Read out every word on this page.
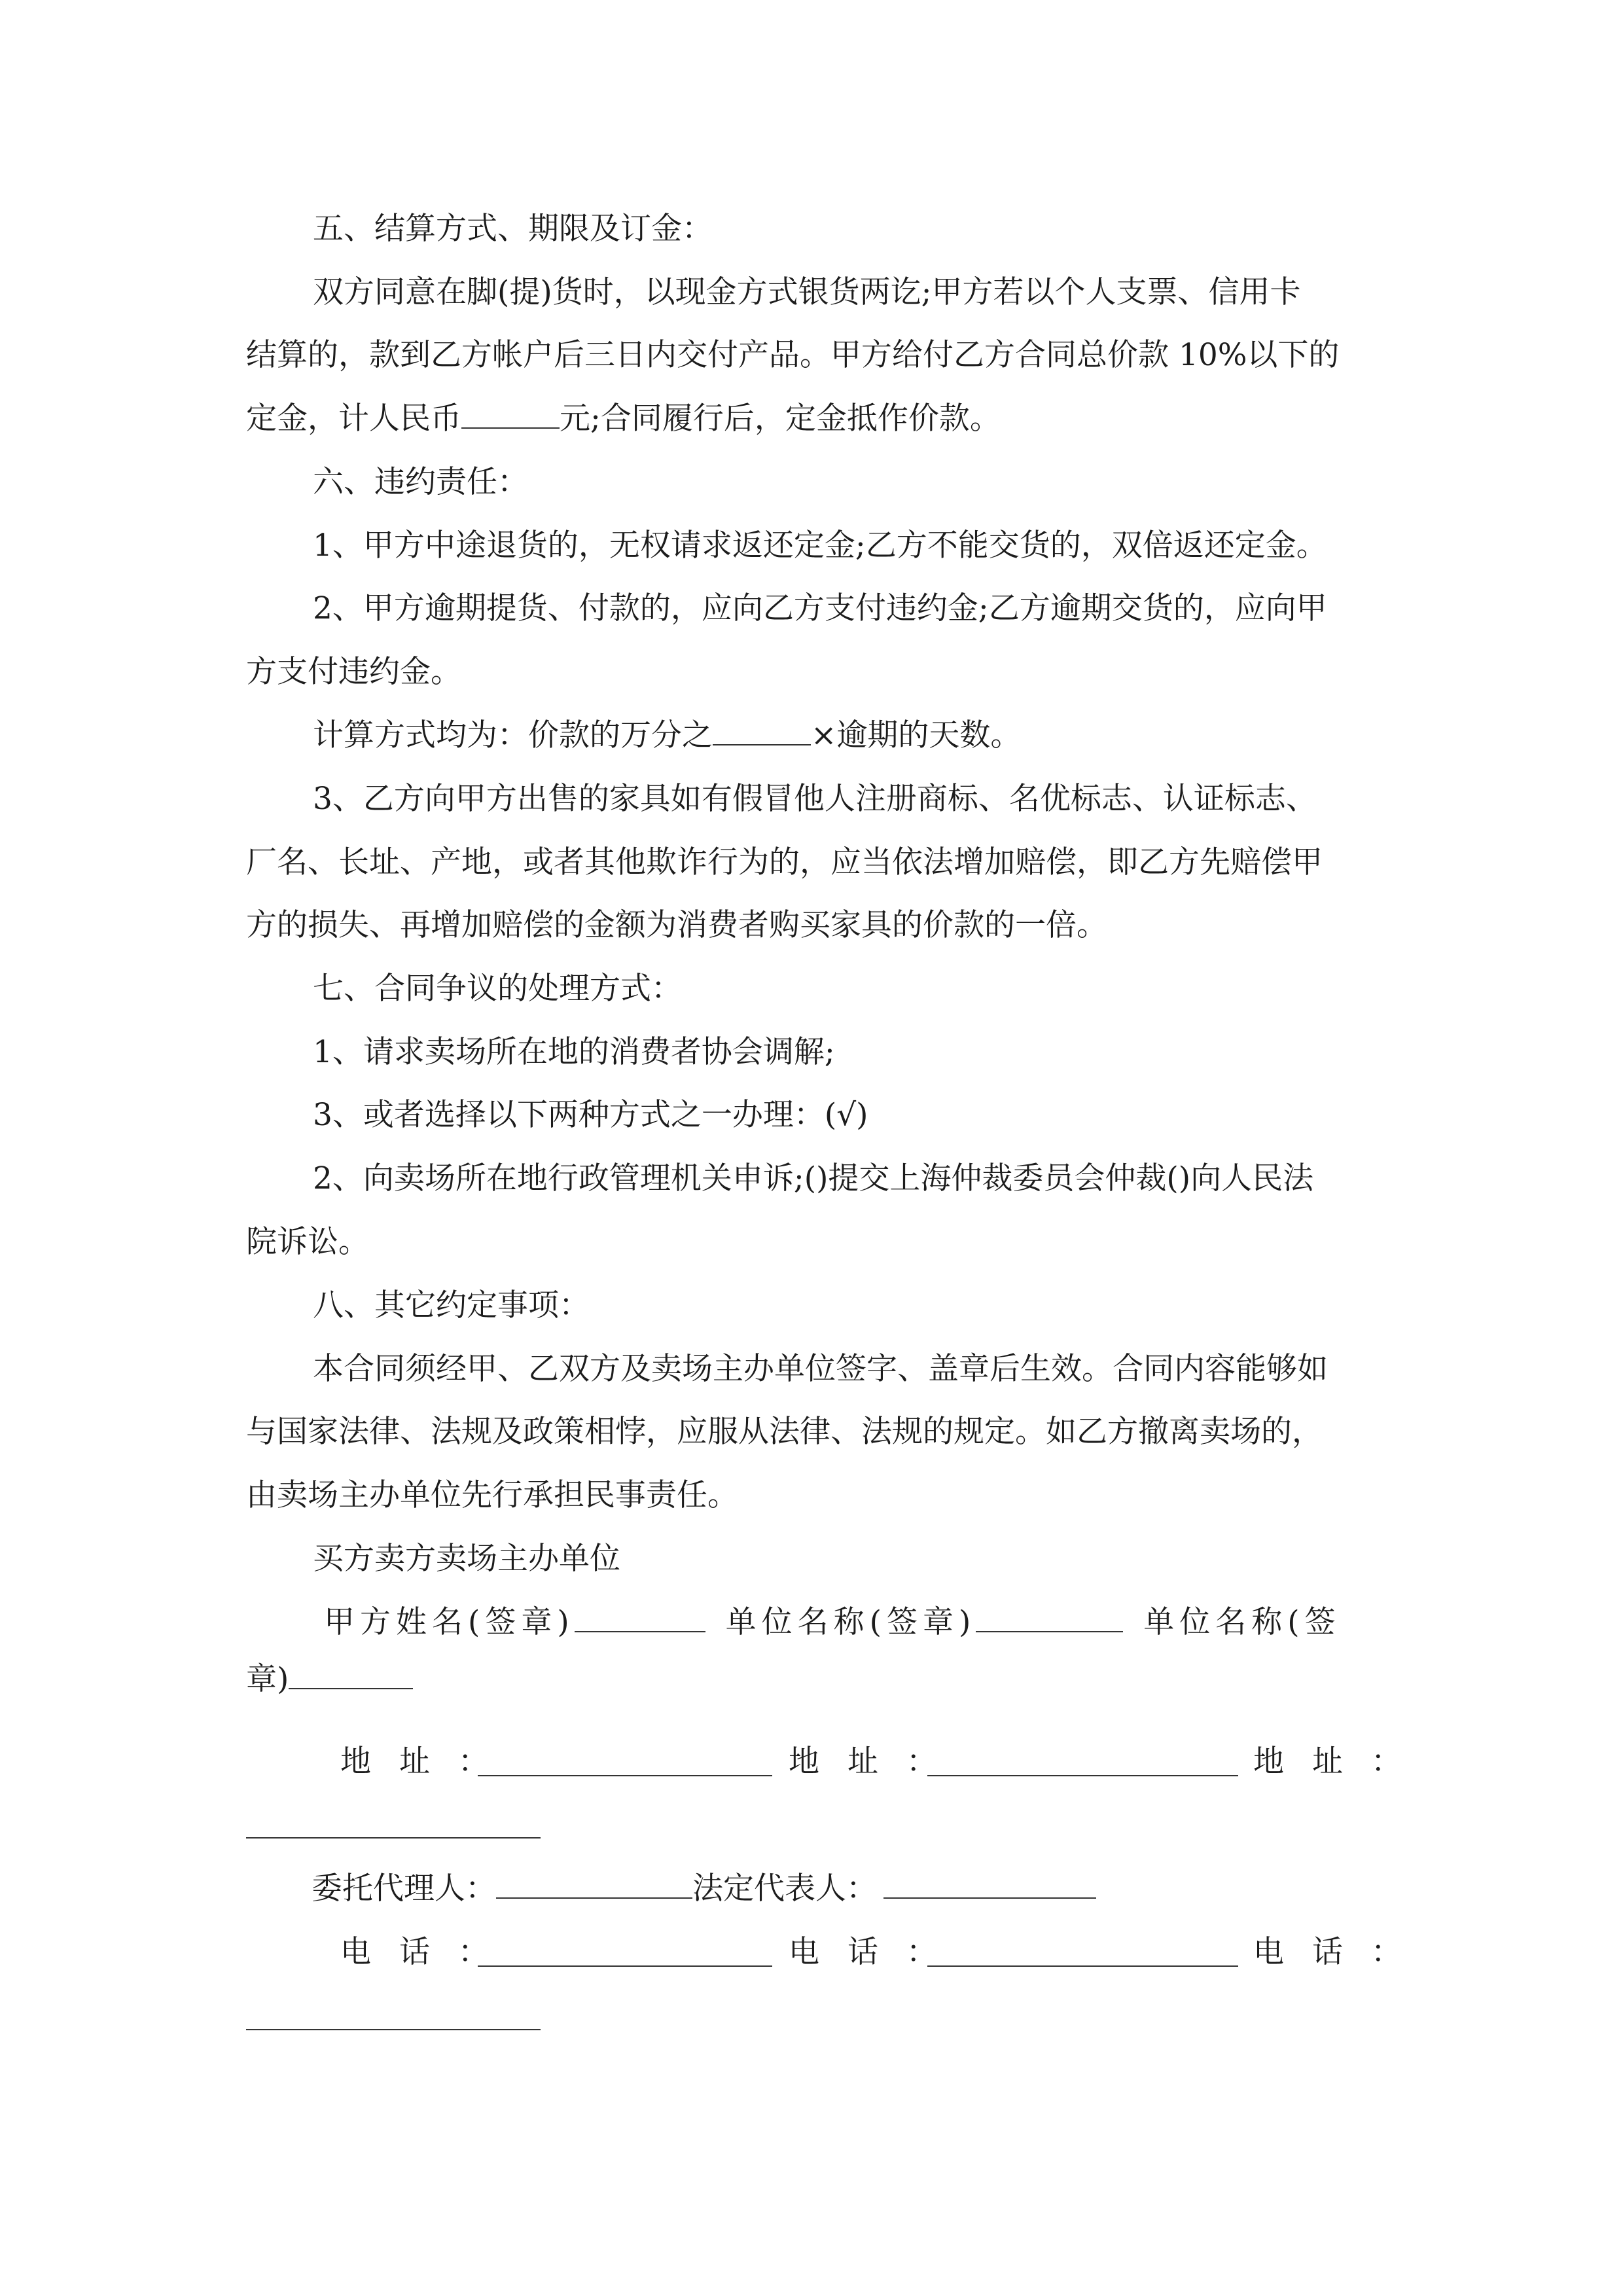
五、结算方式、期限及订金：
双方同意在脚(提)货时，以现金方式银货两讫;甲方若以个人支票、信用卡
结算的，款到乙方帐户后三日内交付产品。甲方给付乙方合同总价款 10%以下的
定金，计人民币	元;合同履行后，定金抵作价款。
六、违约责任：
1、甲方中途退货的，无权请求返还定金;乙方不能交货的，双倍返还定金。
2、甲方逾期提货、付款的，应向乙方支付违约金;乙方逾期交货的，应向甲
方支付违约金。
计算方式均为：价款的万分之	×逾期的天数。
3、乙方向甲方出售的家具如有假冒他人注册商标、名优标志、认证标志、
厂名、长址、产地，或者其他欺诈行为的，应当依法增加赔偿，即乙方先赔偿甲
方的损失、再增加赔偿的金额为消费者购买家具的价款的一倍。
七、合同争议的处理方式：
1、请求卖场所在地的消费者协会调解;
3、或者选择以下两种方式之一办理：(√)
2、向卖场所在地行政管理机关申诉;()提交上海仲裁委员会仲裁()向人民法
院诉讼。
八、其它约定事项：
本合同须经甲、乙双方及卖场主办单位签字、盖章后生效。合同内容能够如
与国家法律、法规及政策相悖，应服从法律、法规的规定。如乙方撤离卖场的，
由卖场主办单位先行承担民事责任。
买方卖方卖场主办单位
甲方姓名(签章)	单位名称(签章)	单位名称(签
章)
地 址 ：	地 址 ：	地 址 ：
委托代理人：	法定代表人：
电 话 ：	电 话 ：	电 话 ：
